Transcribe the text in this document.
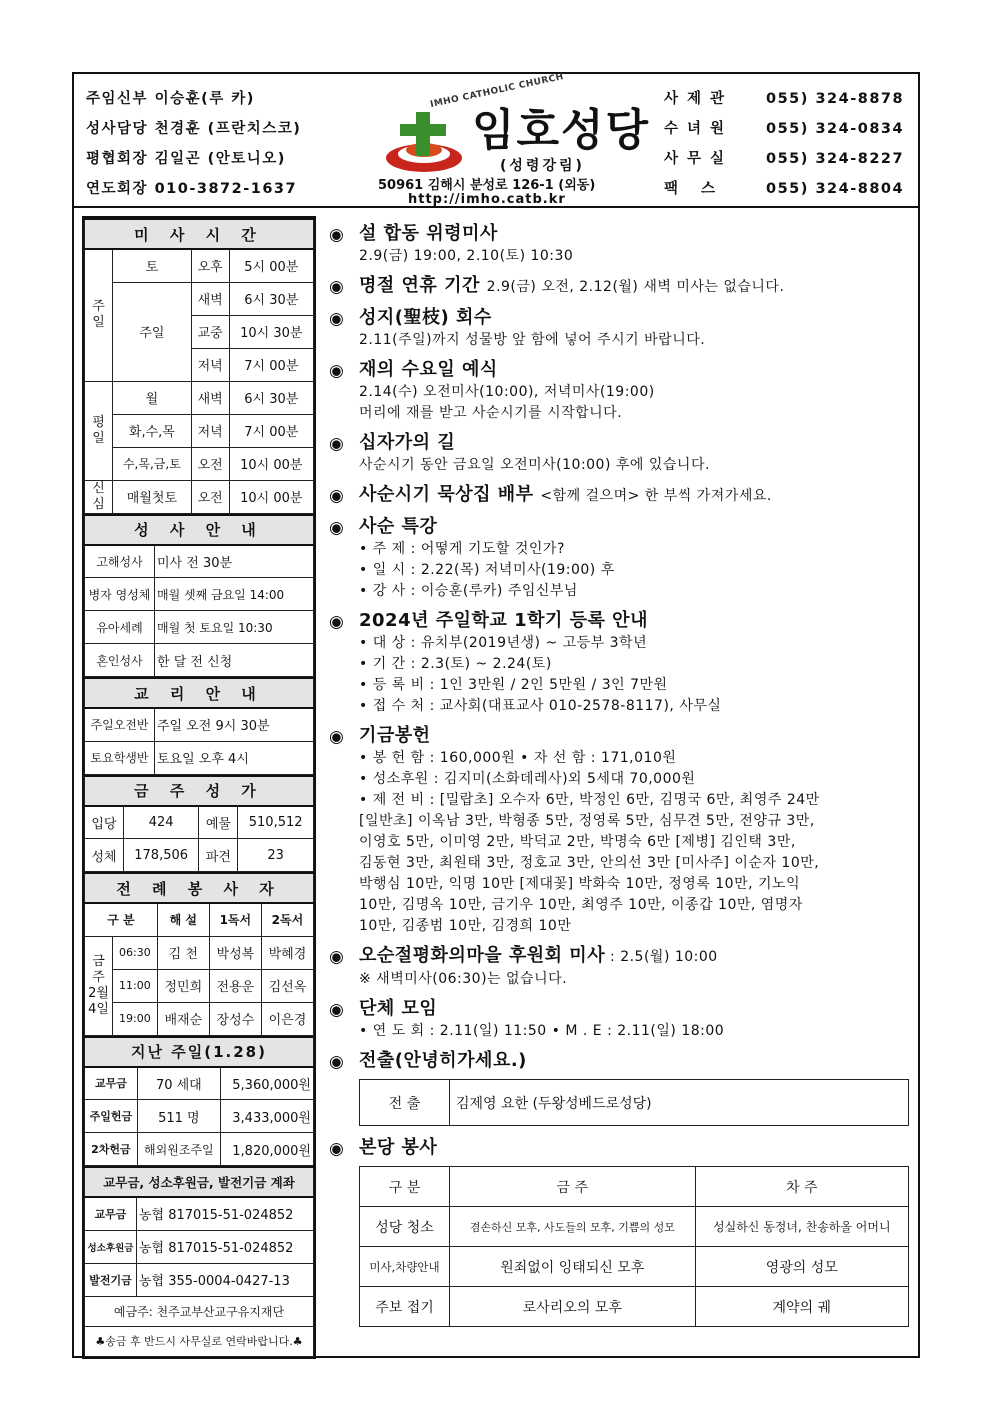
주임신부 이승훈(루 카)
성사담당 천경훈 (프란치스코)
평협회장 김일곤 (안토니오)
연도회장 010-3872-1637
IMHO CATHOLIC CHURCH
임호성당
(성령강림)
50961 김해시 분성로 126-1 (외동)
http://imho.catb.kr
사제관	055) 324-8878
수녀원	055) 324-0834
사무실	055) 324-8227
팩 스	055) 324-8804
미 사 시 간			
주일	토	오후	5시 00분
	주일	새벽	6시 30분
		교중	10시 30분
		저녁	7시 00분
평일	월	새벽	6시 30분
	화,수,목	저녁	7시 00분
	수,목,금,토	오전	10시 00분
신심	매월첫토	오전	10시 00분
성 사 안 내	
고해성사	미사 전 30분
병자 영성체	매월 셋째 금요일 14:00
유아세례	매월 첫 토요일 10:30
혼인성사	한 달 전 신청
교 리 안 내	
주일오전반	주일 오전 9시 30분
토요학생반	토요일 오후 4시
금 주 성 가			
입당	424	예물	510,512
성체	178,506	파견	23
전 례 봉 사 자				
구 분		해 설	1독서	2독서
금주 2월 4일	06:30	김 천	박성복	박혜경
	11:00	정민희	전용운	김선옥
	19:00	배재순	장성수	이은경
지난 주일(1.28)		
교무금	70 세대	5,360,000원
주일헌금	511 명	3,433,000원
2차헌금	해외원조주일	1,820,000원
교무금, 성소후원금, 발전기금 계좌	
교무금	농협 817015-51-024852
성소후원금	농협 817015-51-024852
발전기금	농협 355-0004-0427-13
예금주: 천주교부산교구유지재단	
♣송금 후 반드시 사무실로 연락바랍니다.♣	
◉ 설 합동 위령미사
2.9(금) 19:00, 2.10(토) 10:30
◉ 명절 연휴 기간 2.9(금) 오전, 2.12(월) 새벽 미사는 없습니다.
◉ 성지(聖枝) 회수
2.11(주일)까지 성물방 앞 함에 넣어 주시기 바랍니다.
◉ 재의 수요일 예식
2.14(수) 오전미사(10:00), 저녁미사(19:00)
머리에 재를 받고 사순시기를 시작합니다.
◉ 십자가의 길
사순시기 동안 금요일 오전미사(10:00) 후에 있습니다.
◉ 사순시기 묵상집 배부 <함께 걸으며> 한 부씩 가져가세요.
◉ 사순 특강
• 주 제 : 어떻게 기도할 것인가?
• 일 시 : 2.22(목) 저녁미사(19:00) 후
• 강 사 : 이승훈(루카) 주임신부님
◉ 2024년 주일학교 1학기 등록 안내
• 대 상 : 유치부(2019년생) ~ 고등부 3학년
• 기 간 : 2.3(토) ~ 2.24(토)
• 등 록 비 : 1인 3만원 / 2인 5만원 / 3인 7만원
• 접 수 처 : 교사회(대표교사 010-2578-8117), 사무실
◉ 기금봉헌
• 봉 헌 함 : 160,000원 • 자 선 함 : 171,010원
• 성소후원 : 김지미(소화데레사)외 5세대 70,000원
• 제 전 비 : [밀랍초] 오수자 6만, 박정인 6만, 김명국 6만, 최영주 24만
[일반초] 이옥남 3만, 박형종 5만, 정영록 5만, 심무견 5만, 전양규 3만,
이영호 5만, 이미영 2만, 박덕교 2만, 박명숙 6만 [제병] 김인택 3만,
김동현 3만, 최원태 3만, 정호교 3만, 안의선 3만 [미사주] 이순자 10만,
박행심 10만, 익명 10만 [제대꽃] 박화숙 10만, 정영록 10만, 기노익
10만, 김명옥 10만, 금기우 10만, 최영주 10만, 이종갑 10만, 염명자
10만, 김종범 10만, 김경희 10만
◉ 오순절평화의마을 후원회 미사 : 2.5(월) 10:00
※ 새벽미사(06:30)는 없습니다.
◉ 단체 모임
• 연 도 회 : 2.11(일) 11:50 • M . E : 2.11(일) 18:00
◉ 전출(안녕히가세요.)
전 출	김제영 요한 (두왕성베드로성당)
◉ 본당 봉사
구 분	금 주	차 주
성당 청소	겸손하신 모후, 사도들의 모후, 기쁨의 성모	성실하신 동정녀, 찬송하올 어머니
미사,차량안내	원죄없이 잉태되신 모후	영광의 성모
주보 접기	로사리오의 모후	계약의 궤
